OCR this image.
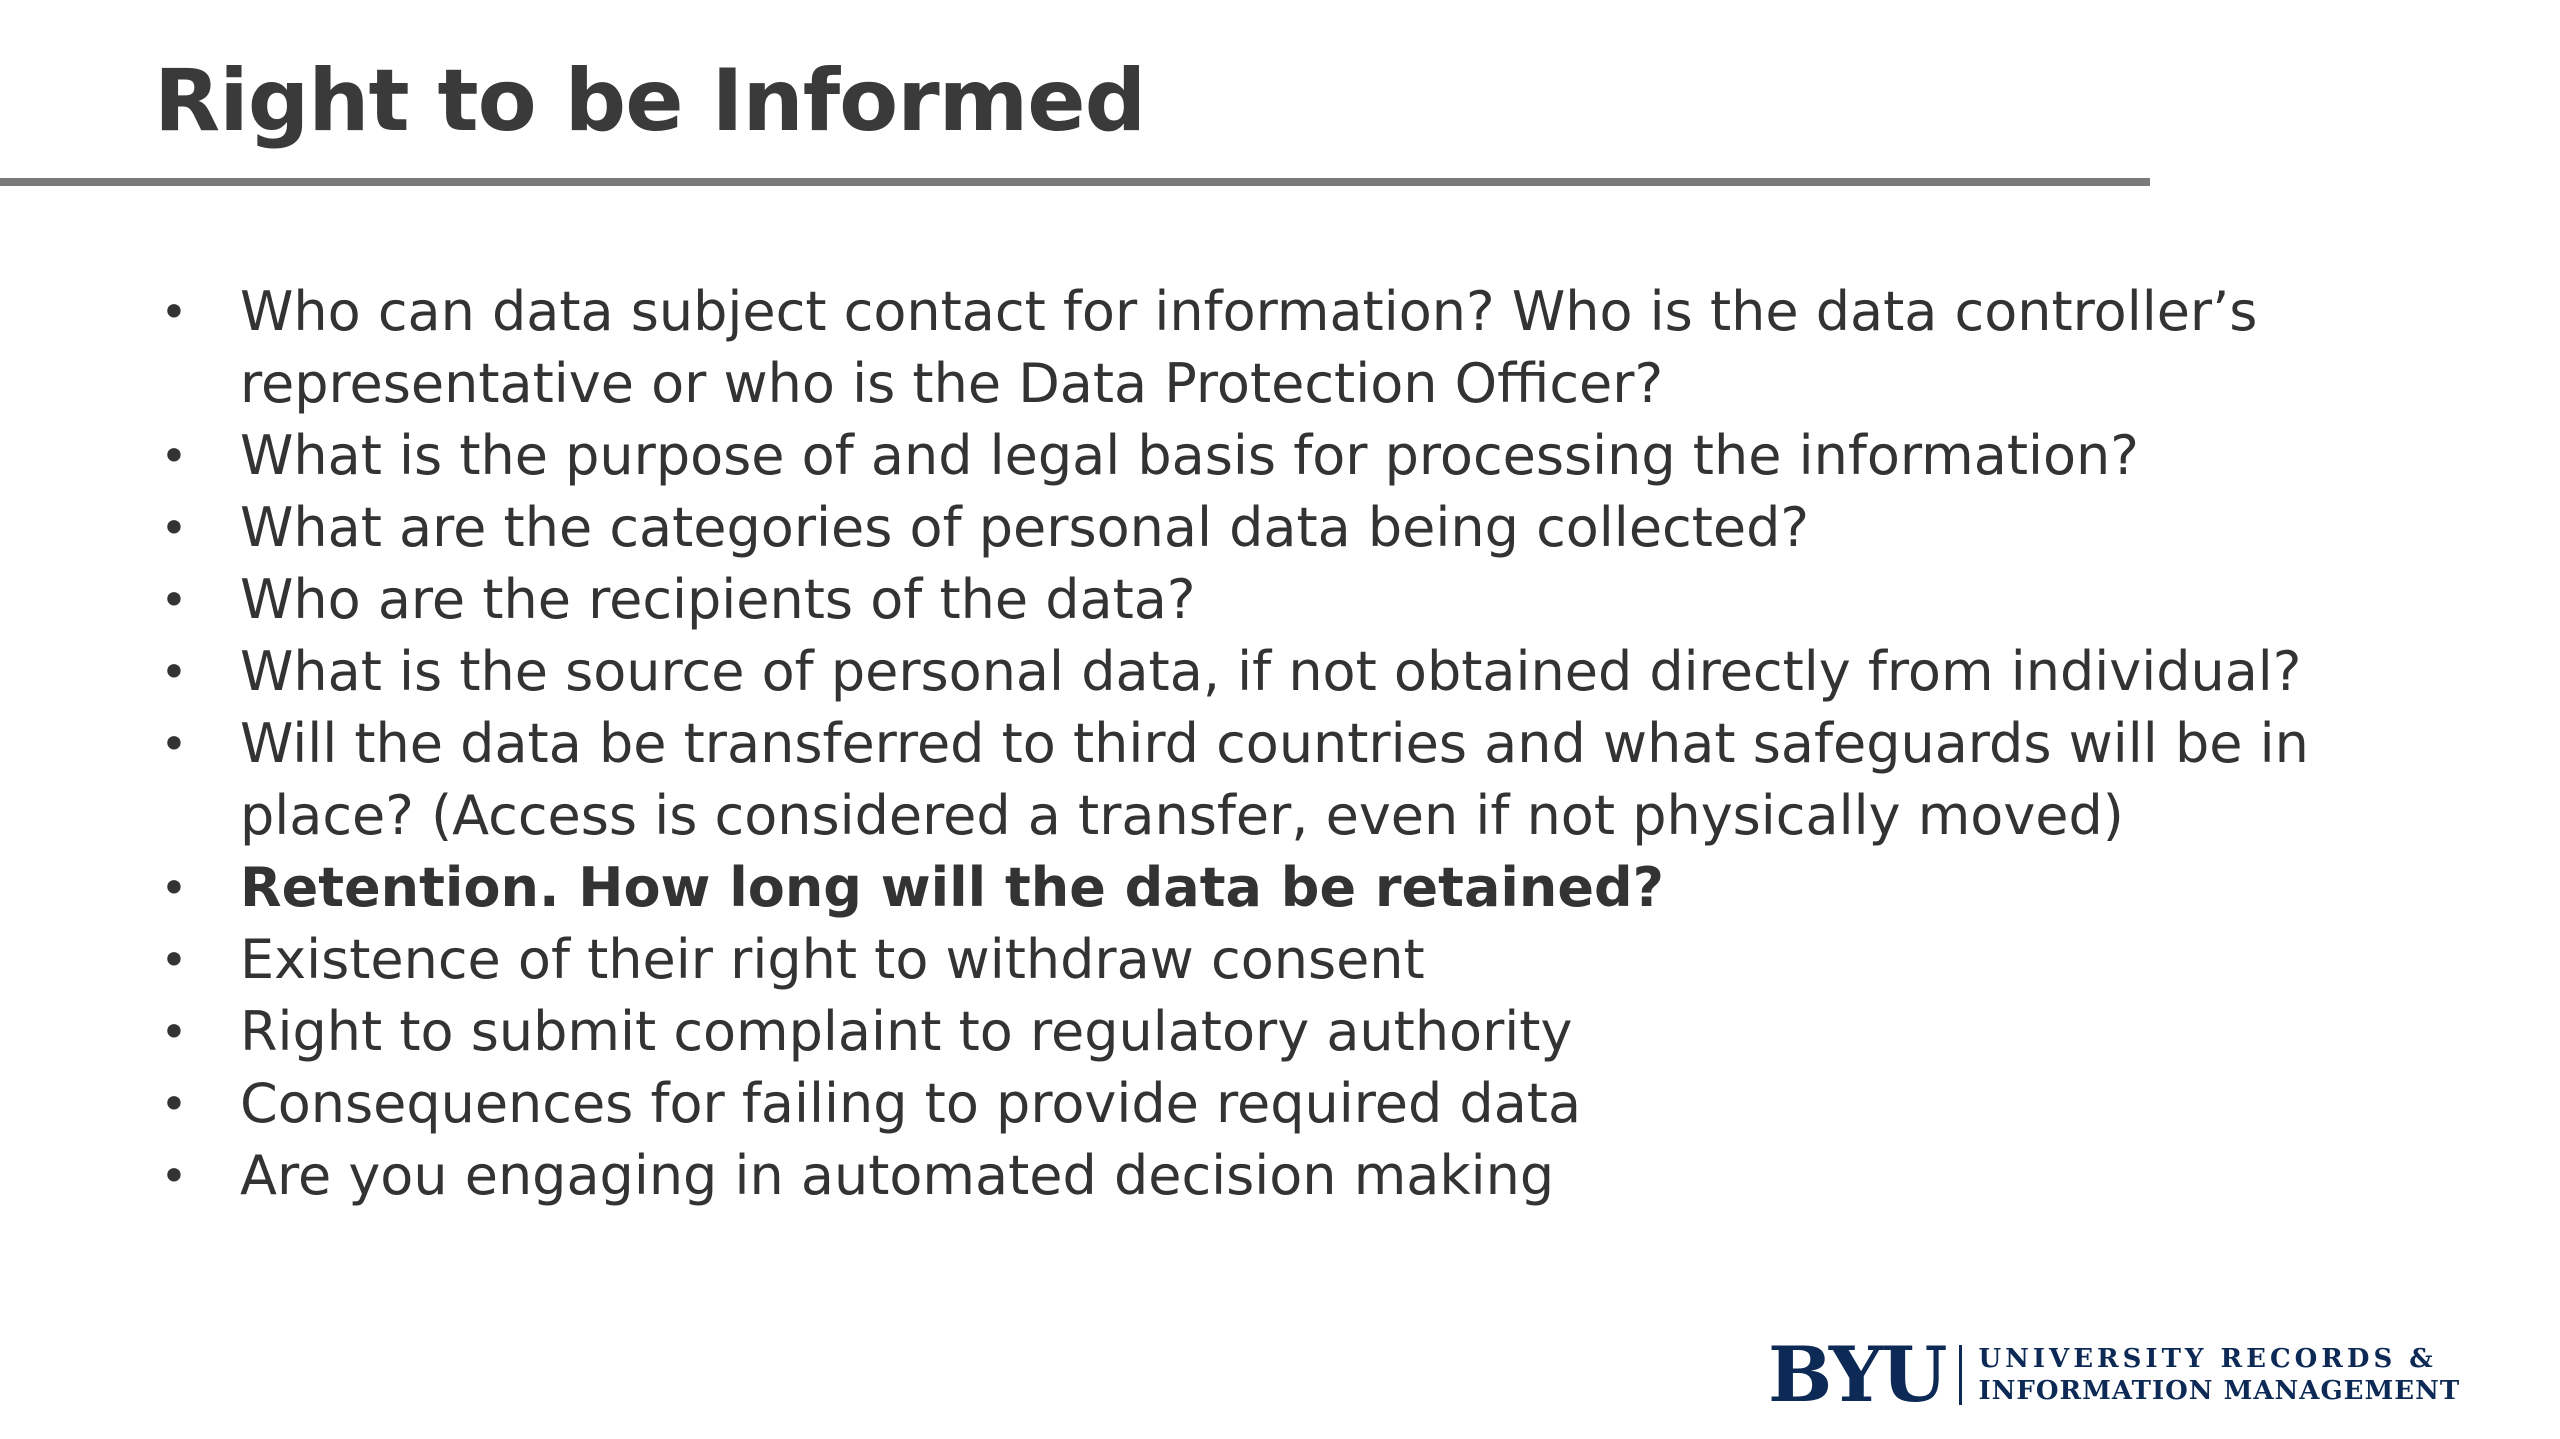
Right to be Informed
• Who can data subject contact for information? Who is the data controller’s
representative or who is the Data Protection Officer?
• What is the purpose of and legal basis for processing the information?
• What are the categories of personal data being collected?
• Who are the recipients of the data?
• What is the source of personal data, if not obtained directly from individual?
• Will the data be transferred to third countries and what safeguards will be in
place? (Access is considered a transfer, even if not physically moved)
• Retention. How long will the data be retained?
• Existence of their right to withdraw consent
• Right to submit complaint to regulatory authority
• Consequences for failing to provide required data
• Are you engaging in automated decision making
BYU UNIVERSITY RECORDS &
INFORMATION MANAGEMENT
